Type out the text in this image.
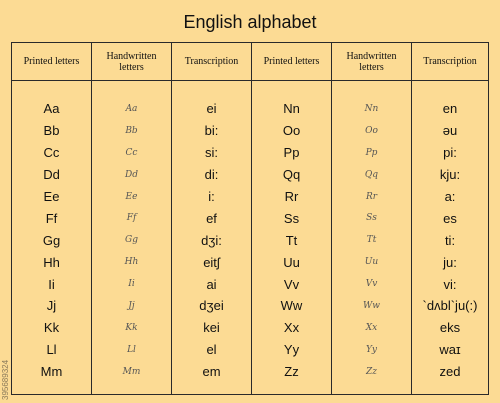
English alphabet
Printed letters
Aa
Bb
Cc
Dd
Ee
Ff
Gg
Hh
Ii
Jj
Kk
Ll
Mm
Handwritten letters
Aa
Bb
Cc
Dd
Ee
Ff
Gg
Hh
Ii
Jj
Kk
Ll
Mm
Transcription
ei
bi:
si:
di:
i:
ef
dʒi:
eitʃ
ai
dʒei
kei
el
em
Printed letters
Nn
Oo
Pp
Qq
Rr
Ss
Tt
Uu
Vv
Ww
Xx
Yy
Zz
Handwritten letters
Nn
Oo
Pp
Qq
Rr
Ss
Tt
Uu
Vv
Ww
Xx
Yy
Zz
Transcription
en
əu
pi:
kju:
a:
es
ti:
ju:
vi:
`dʌbl`ju(:)
eks
waɪ
zed
395689324
